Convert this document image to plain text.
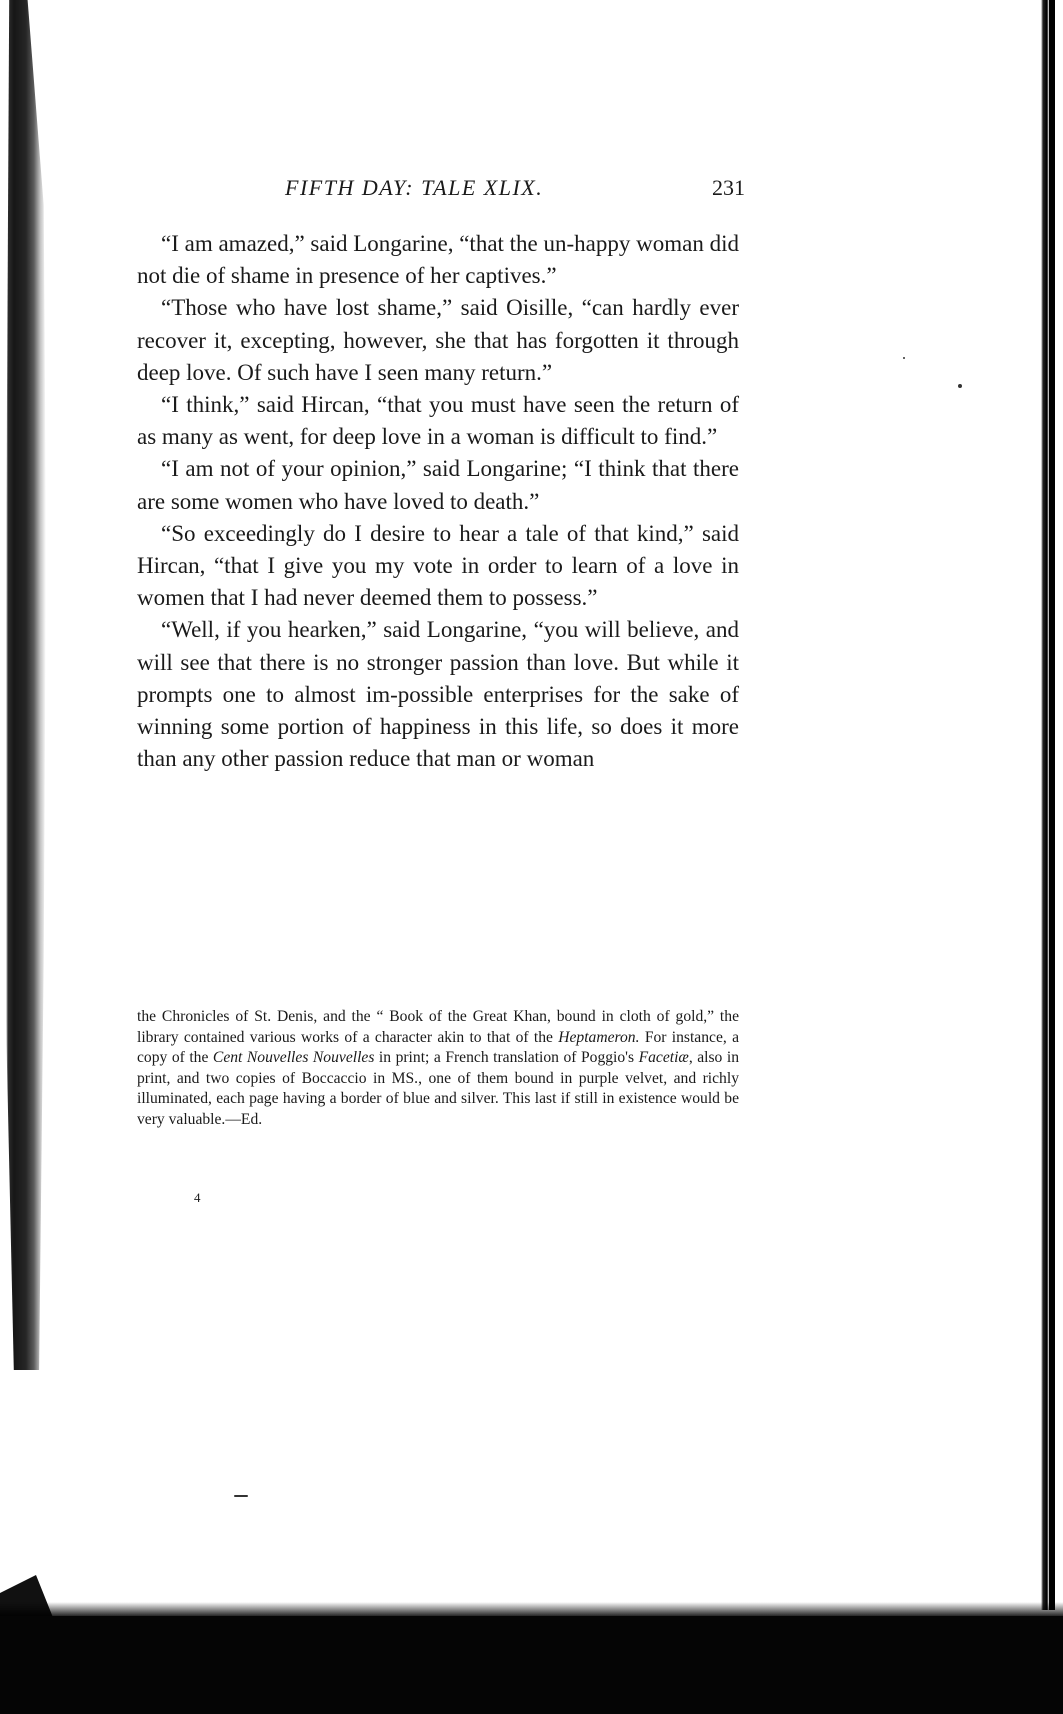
FIFTH DAY: TALE XLIX.	231

“I am amazed,” said Longarine, “that the un-happy woman did not die of shame in presence of her captives.”

“Those who have lost shame,” said Oisille, “can hardly ever recover it, excepting, however, she that has forgotten it through deep love. Of such have I seen many return.”

“I think,” said Hircan, “that you must have seen the return of as many as went, for deep love in a woman is difficult to find.”

“I am not of your opinion,” said Longarine; “I think that there are some women who have loved to death.”

“So exceedingly do I desire to hear a tale of that kind,” said Hircan, “that I give you my vote in order to learn of a love in women that I had never deemed them to possess.”

“Well, if you hearken,” said Longarine, “you will believe, and will see that there is no stronger passion than love. But while it prompts one to almost im-possible enterprises for the sake of winning some portion of happiness in this life, so does it more than any other passion reduce that man or woman

the Chronicles of St. Denis, and the “ Book of the Great Khan, bound in cloth of gold,” the library contained various works of a character akin to that of the Heptameron. For instance, a copy of the Cent Nouvelles Nouvelles in print; a French translation of Poggio's Facetiæ, also in print, and two copies of Boccaccio in MS., one of them bound in purple velvet, and richly illuminated, each page having a border of blue and silver. This last if still in existence would be very valuable.—Ed.

4
